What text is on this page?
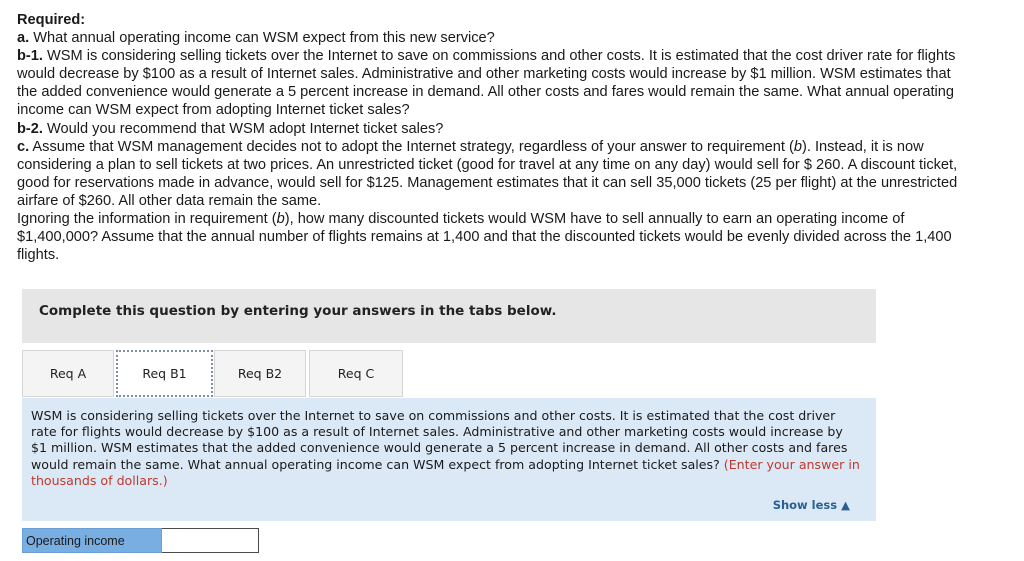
Required:

a. What annual operating income can WSM expect from this new service?

b-1. WSM is considering selling tickets over the Internet to save on commissions and other costs. It is estimated that the cost driver rate for flights would decrease by $100 as a result of Internet sales. Administrative and other marketing costs would increase by $1 million. WSM estimates that the added convenience would generate a 5 percent increase in demand. All other costs and fares would remain the same. What annual operating income can WSM expect from adopting Internet ticket sales?

b-2. Would you recommend that WSM adopt Internet ticket sales?

c. Assume that WSM management decides not to adopt the Internet strategy, regardless of your answer to requirement (b). Instead, it is now considering a plan to sell tickets at two prices. An unrestricted ticket (good for travel at any time on any day) would sell for $ 260. A discount ticket, good for reservations made in advance, would sell for $125. Management estimates that it can sell 35,000 tickets (25 per flight) at the unrestricted airfare of $260. All other data remain the same.

Ignoring the information in requirement (b), how many discounted tickets would WSM have to sell annually to earn an operating income of $1,400,000? Assume that the annual number of flights remains at 1,400 and that the discounted tickets would be evenly divided across the 1,400 flights.

Complete this question by entering your answers in the tabs below.
Req A	Req B1	Req B2	Req C
WSM is considering selling tickets over the Internet to save on commissions and other costs. It is estimated that the cost driver rate for flights would decrease by $100 as a result of Internet sales. Administrative and other marketing costs would increase by $1 million. WSM estimates that the added convenience would generate a 5 percent increase in demand. All other costs and fares would remain the same. What annual operating income can WSM expect from adopting Internet ticket sales? (Enter your answer in thousands of dollars.)
Show less ▲
Operating income
